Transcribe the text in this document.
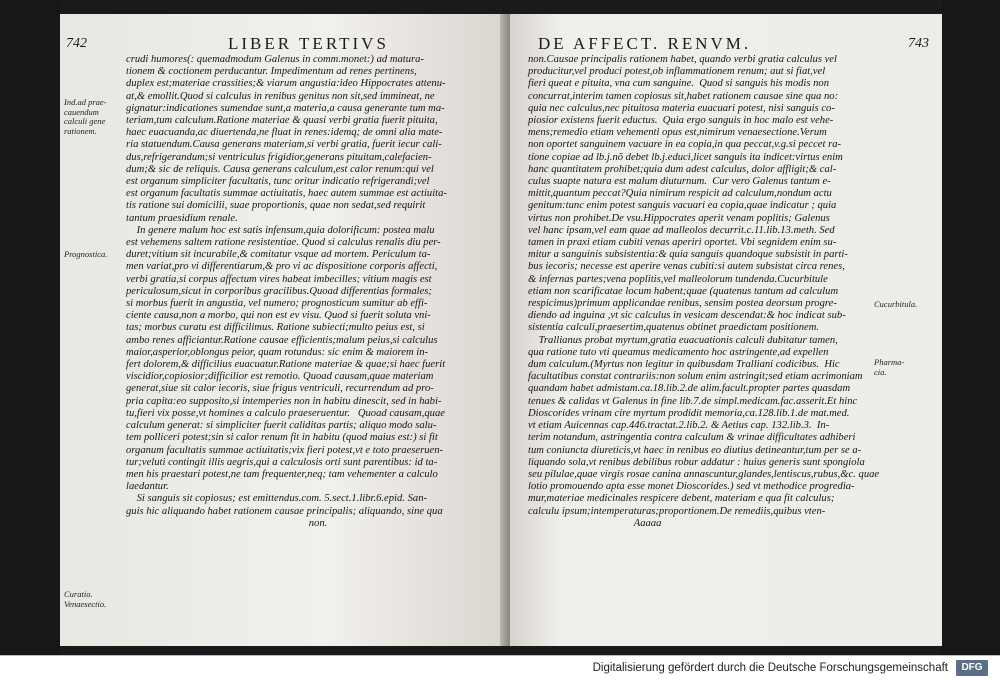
742	LIBER TERTIVS
crudi humores(: quemadmodum Galenus in comm.monet:) ad matura-
tionem & coctionem perducantur. Impedimentum ad renes pertinens,
duplex est;materiae crassities;& viarum angustia:ideo Hippocrates attenu-
at,& emollit.Quod si calculus in renibus genitus non sit,sed immineat, ne
gignatur:indicationes sumendae sunt,a materia,a causa generante tum ma-
teriam,tum calculum.Ratione materiae & quasi verbi gratia fuerit pituita,
haec euacuanda,ac diuertenda,ne fluat in renes:idemq; de omni alia mate-
ria statuendum.Causa generans materiam,si verbi gratia, fuerit iecur cali-
dus,refrigerandum;si ventriculus frigidior,generans pituitam,calefacien-
dum;& sic de reliquis. Causa generans calculum,est calor renum:qui vel
est organum simpliciter facultatis, tunc oritur indicatio refrigerandi;vel
est organum facultatis summae actiuitatis, haec autem summae est actiuita-
tis ratione sui domicilii, suae proportionis, quae non sedat,sed requirit
tantum praesidium renale.
In genere malum hoc est satis infensum,quia dolorificum: postea malu
est vehemens saltem ratione resistentiae. Quod si calculus renalis diu per-
duret;vitium sit incurabile,& comitatur vsque ad mortem. Periculum ta-
men variat,pro vi differentiarum,& pro vi ac dispositione corporis affecti,
verbi gratia,si corpus affectum vires habeat imbecilles; vitium magis est
periculosum,sicut in corporibus gracilibus.Quoad differentias formales;
si morbus fuerit in angustia, vel numero; prognosticum sumitur ab effi-
ciente causa,non a morbo, qui non est ev visu. Quod si fuerit soluta vni-
tas; morbus curatu est difficilimus. Ratione subiecti;multo peius est, si
ambo renes afficiantur.Ratione causae efficientis;malum peius,si calculus
maior,asperior,oblongus peior, quam rotundus: sic enim & maiorem in-
fert dolorem,& difficilius euacuatur.Ratione materiae & quae;si haec fuerit
viscidior,copiosior;difficilior est remotio. Quoad causam,quae materiam
generat,siue sit calor iecoris, siue frigus ventriculi, recurrendum ad pro-
pria capita:eo supposito,si intemperies non in habitu dinescit, sed in habi-
tu,fieri vix posse,vt homines a calculo praeseruentur.   Quoad causam,quae
calculum generat: si simpliciter fuerit caliditas partis; aliquo modo salu-
tem polliceri potest;sin si calor renum fit in habitu (quod maius est:) si fit
organum facultatis summae actiuitatis;vix fieri potest,vt e toto praeseruen-
tur;veluti contingit illis aegris,qui a calculosis orti sunt parentibus: id ta-
men his praestari potest,ne tam frequenter,neq; tam vehementer a calculo
laedantur.
Si sanguis sit copiosus; est emittendus.com. 5.sect.1.libr.6.epid. San-
guis hic aliquando habet rationem causae principalis; aliquando, sine qua
non.
Ind.ad prae-
cauendum
calculi gene
rationem.
Prognostica.
Curatio.
Venaesectio.
DE AFFECT. RENVM.	743
non.Causae principalis rationem habet, quando verbi gratia calculus vel
producitur,vel produci potest,ob inflammationem renum; aut si fiat,vel
fieri queat e pituita, vna cum sanguine.  Quod si sanguis his modis non
concurrat,interim tamen copiosus sit,habet rationem causae sine qua no:
quia nec calculus,nec pituitosa materia euacuari potest, nisi sanguis co-
piosior existens fuerit eductus.  Quia ergo sanguis in hoc malo est vehe-
mens;remedio etiam vehementi opus est,nimirum venaesectione.Verum
non oportet sanguinem vacuare in ea copia,in qua peccat,v.g.si peccet ra-
tione copiae ad lb.j.nõ debet lb.j.educi,licet sanguis ita indicet:virtus enim
hanc quantitatem prohibet;quia dum adest calculus, dolor affligit;& cal-
culus suapte natura est malum diuturnum.  Cur vero Galenus tantum e-
mittit,quantum peccat?Quia nimirum respicit ad calculum,nondum actu
genitum:tunc enim potest sanguis vacuari ea copia,quae indicatur ; quia
virtus non prohibet.De vsu.Hippocrates aperit venam poplitis; Galenus
vel hanc ipsam,vel eam quae ad malleolos decurrit.c.11.lib.13.meth. Sed
tamen in praxi etiam cubiti venas aperiri oportet. Vbi segnidem enim su-
mitur a sanguinis subsistentia:& quia sanguis quandoque subsistit in parti-
bus iecoris; necesse est aperire venas cubiti:si autem subsistat circa renes,
& infernas partes;vena poplitis,vel malleolorum tundenda.Cucurbitule
etiam non scarificatae locum habent;quae (quatenus tantum ad calculum
respicimus)primum applicandae renibus, sensim postea deorsum progre-
diendo ad inguina ,vt sic calculus in vesicam descendat:& hoc indicat sub-
sistentia calculi,praesertim,quatenus obtinet praedictam positionem.
Trallianus probat myrtum,gratia euacuationis calculi dubitatur tamen,
qua ratione tuto vti queamus medicamento hoc astringente,ad expellen
dum calculum.(Myrtus non legitur in quibusdam Tralliani codicibus.  Hic
facultatibus constat contrariis:non solum enim astringit;sed etiam acrimoniam
quandam habet admistam.ca.18.lib.2.de alim.facult.propter partes quasdam
tenues & calidas vt Galenus in fine lib.7.de simpl.medicam.fac.asserit.Et hinc
Dioscorides vrinam cire myrtum prodidit memoria,ca.128.lib.1.de mat.med.
vt etiam Auicennas cap.446.tractat.2.lib.2. & Aetius cap. 132.lib.3.  In-
terim notandum, astringentia contra calculum & vrinae difficultates adhiberi
tum coniuncta diureticis,vt haec in renibus eo diutius detineantur,tum per se a-
liquando sola,vt renibus debilibus robur addatur : huius generis sunt spongiola
seu pilulae,quae virgis rosae canina annascuntur,glandes,lentiscus,rubus,&c. quae
lotio promouendo apta esse monet Dioscorides.) sed vt methodice progredia-
mur,materiae medicinales respicere debent, materiam e qua fit calculus;
calculu ipsum;intemperaturas;proportionem.De remediis,quibus vten-
Aaaaa
Cucurbitula.
Pharma-
cia.
Digitalisierung gefördert durch die Deutsche Forschungsgemeinschaft	DFG
